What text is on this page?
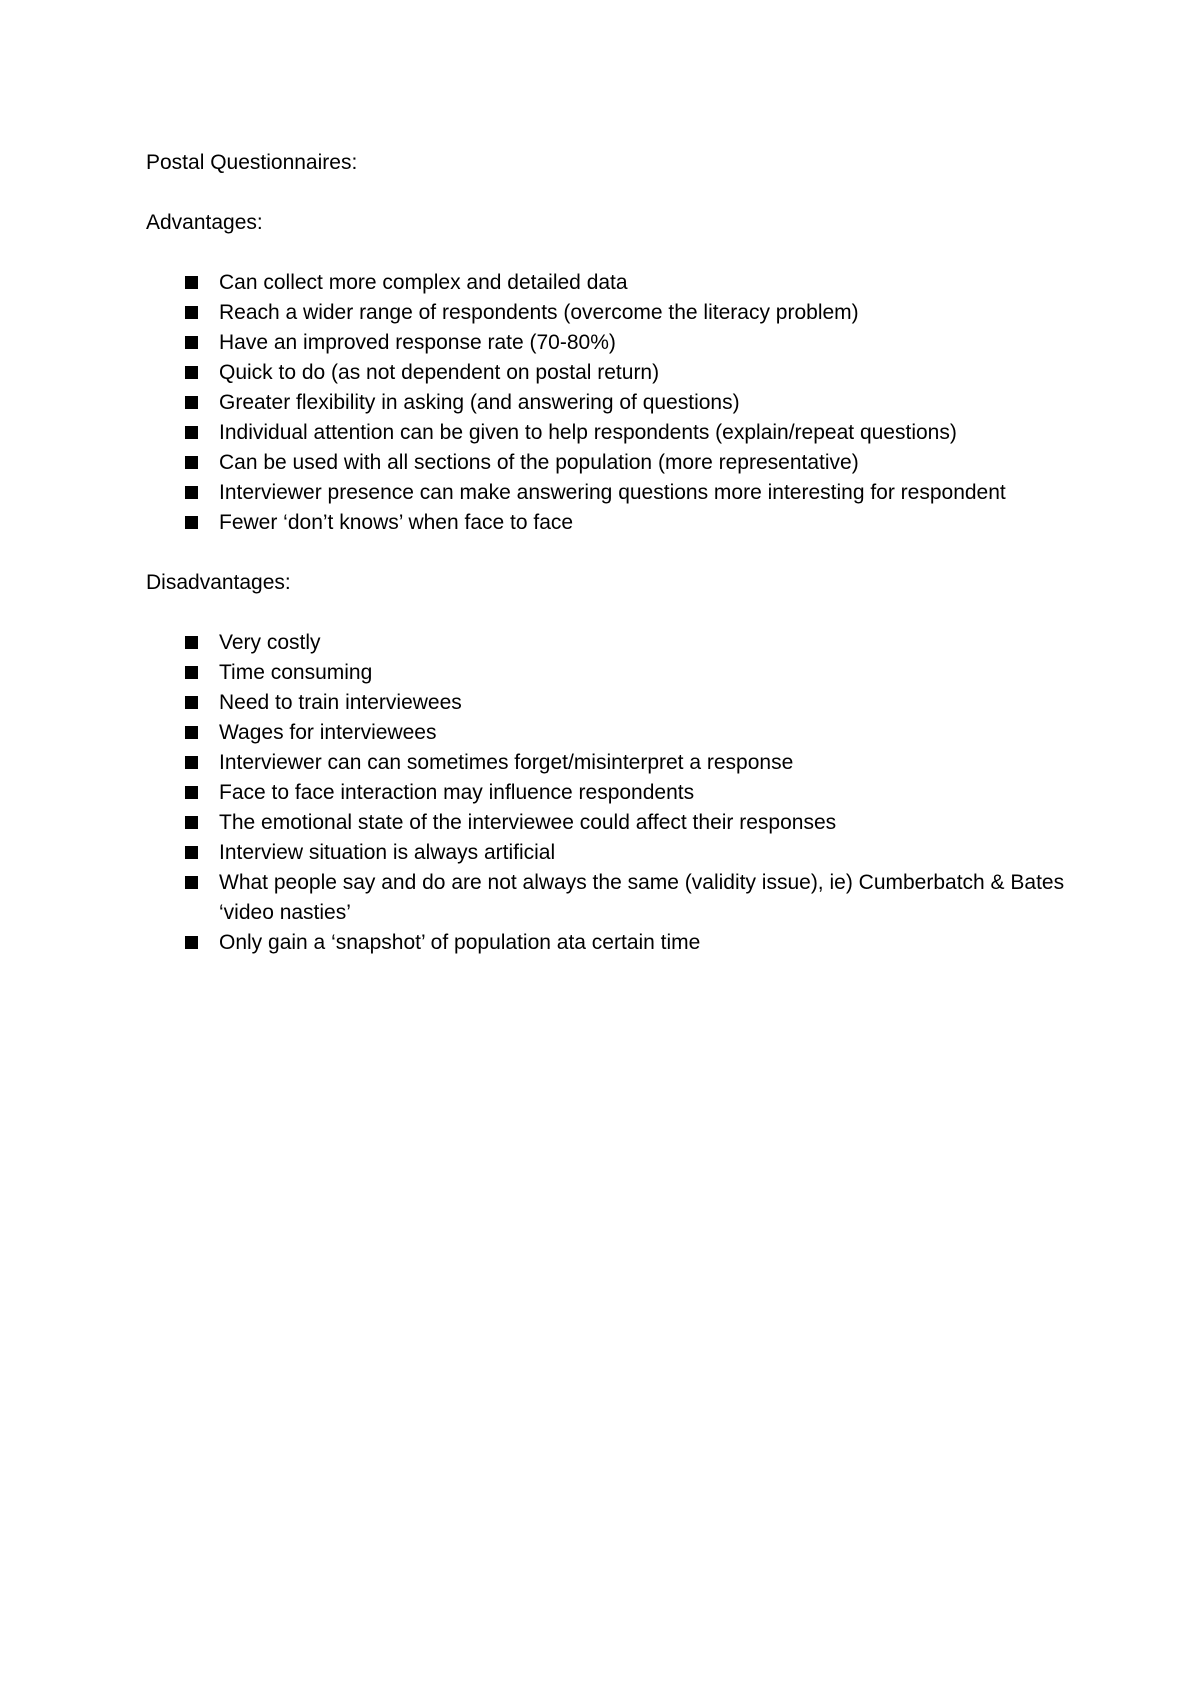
Postal Questionnaires:

Advantages:

Can collect more complex and detailed data
Reach a wider range of respondents (overcome the literacy problem)
Have an improved response rate (70-80%)
Quick to do (as not dependent on postal return)
Greater flexibility in asking (and answering of questions)
Individual attention can be given to help respondents (explain/repeat questions)
Can be used with all sections of the population (more representative)
Interviewer presence can make answering questions more interesting for respondent
Fewer ‘don’t knows’ when face to face

Disadvantages:

Very costly
Time consuming
Need to train interviewees
Wages for interviewees
Interviewer can can sometimes forget/misinterpret a response
Face to face interaction may influence respondents
The emotional state of the interviewee could affect their responses
Interview situation is always artificial
What people say and do are not always the same (validity issue), ie) Cumberbatch & Bates ‘video nasties’
Only gain a ‘snapshot’ of population ata certain time
